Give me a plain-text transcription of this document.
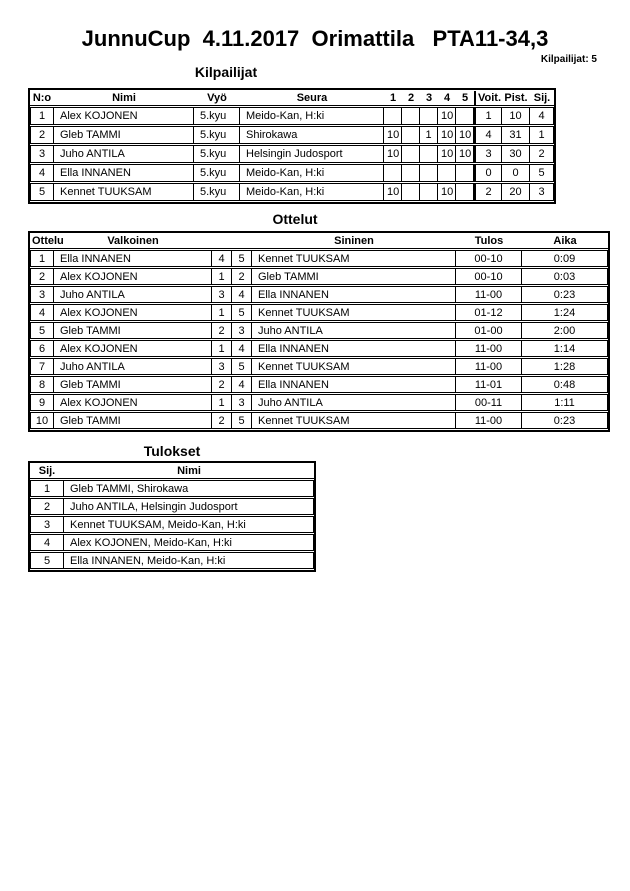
JunnuCup  4.11.2017  Orimattila   PTA11-34,3
Kilpailijat: 5
Kilpailijat
N:o	Nimi	Vyö	Seura	1	2	3	4	5	Voit.	Pist.	Sij.
1	Alex KOJONEN	5.kyu	Meido-Kan, H:ki				10		1	10	4
2	Gleb TAMMI	5.kyu	Shirokawa	10		1	10	10	4	31	1
3	Juho ANTILA	5.kyu	Helsingin Judosport	10			10	10	3	30	2
4	Ella INNANEN	5.kyu	Meido-Kan, H:ki						0	0	5
5	Kennet TUUKSAM	5.kyu	Meido-Kan, H:ki	10			10		2	20	3
Ottelut
Ottelu	Valkoinen			Sininen	Tulos	Aika
1	Ella INNANEN	4	5	Kennet TUUKSAM	00-10	0:09
2	Alex KOJONEN	1	2	Gleb TAMMI	00-10	0:03
3	Juho ANTILA	3	4	Ella INNANEN	11-00	0:23
4	Alex KOJONEN	1	5	Kennet TUUKSAM	01-12	1:24
5	Gleb TAMMI	2	3	Juho ANTILA	01-00	2:00
6	Alex KOJONEN	1	4	Ella INNANEN	11-00	1:14
7	Juho ANTILA	3	5	Kennet TUUKSAM	11-00	1:28
8	Gleb TAMMI	2	4	Ella INNANEN	11-01	0:48
9	Alex KOJONEN	1	3	Juho ANTILA	00-11	1:11
10	Gleb TAMMI	2	5	Kennet TUUKSAM	11-00	0:23
Tulokset
Sij.	Nimi
1	Gleb TAMMI, Shirokawa
2	Juho ANTILA, Helsingin Judosport
3	Kennet TUUKSAM, Meido-Kan, H:ki
4	Alex KOJONEN, Meido-Kan, H:ki
5	Ella INNANEN, Meido-Kan, H:ki
